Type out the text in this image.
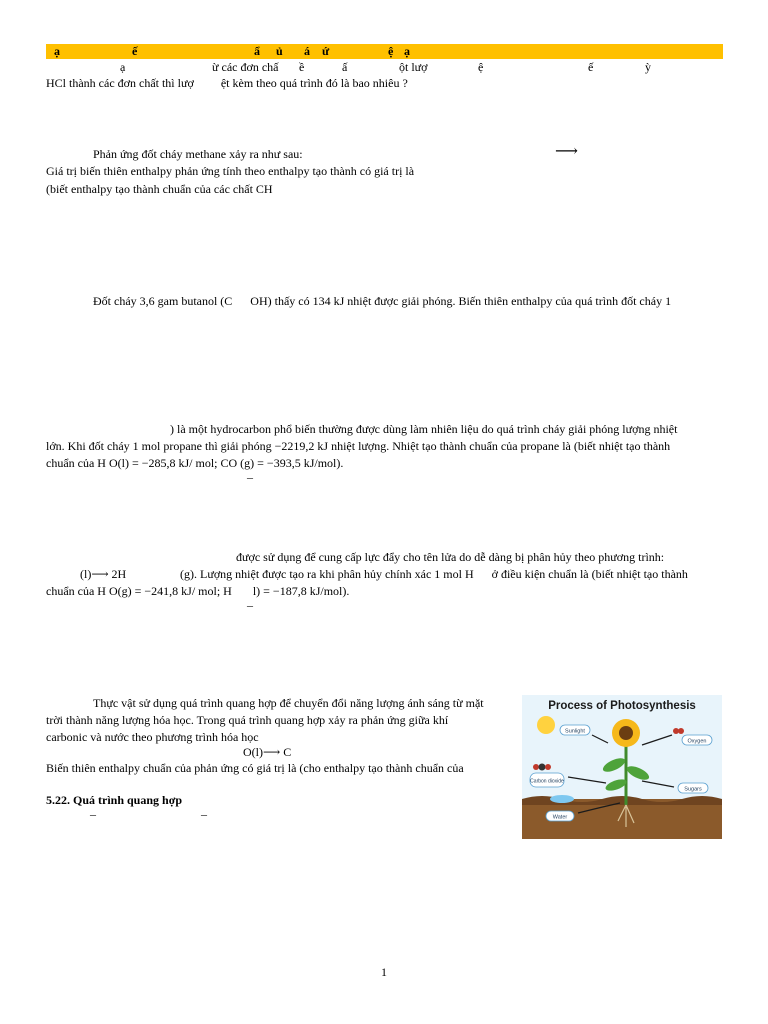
ạ	ế	ẩ ủ á ứ	ệ ạ
ạ	ừ các đơn chấ ề	ấ	ột lượ	ệ	ế	ỳ
HCl thành các đơn chất thì lượ         ệt kèm theo quá trình đó là bao nhiêu ?
Phản ứng đốt cháy methane xảy ra như sau:	⟶
Giá trị biến thiên enthalpy phản ứng tính theo enthalpy tạo thành có giá trị là
(biết enthalpy tạo thành chuẩn của các chất CH
Đốt cháy 3,6 gam butanol (C      OH) thấy có 134 kJ nhiệt được giải phóng. Biến thiên enthalpy của quá trình đốt cháy 1
) là một hydrocarbon phổ biến thường được dùng làm nhiên liệu do quá trình cháy giải phóng lượng nhiệt
lớn. Khi đốt cháy 1 mol propane thì giải phóng −2219,2 kJ nhiệt lượng. Nhiệt tạo thành chuẩn của propane là (biết nhiệt tạo thành
chuẩn của H O(l) = −285,8 kJ/ mol; CO (g) = −393,5 kJ/mol).
–
được sử dụng để cung cấp lực đẩy cho tên lửa do dễ dàng bị phân hủy theo phương trình:
(l)⟶ 2H	(g). Lượng nhiệt được tạo ra khi phân hủy chính xác 1 mol H      ở điều kiện chuẩn là (biết nhiệt tạo thành
chuẩn của H O(g) = −241,8 kJ/ mol; H       l) = −187,8 kJ/mol).
–
Thực vật sử dụng quá trình quang hợp để chuyển đổi năng lượng ánh sáng từ mặt
trời thành năng lượng hóa học. Trong quá trình quang hợp xảy ra phản ứng giữa khí
carbonic và nước theo phương trình hóa học
O(l)⟶ C
Biến thiên enthalpy chuẩn của phản ứng có giá trị là (cho enthalpy tạo thành chuẩn của
5.22. Quá trình quang hợp
–	–
Process of Photosynthesis
Sunlight
Oxygen
Carbon dioxide
Sugars
Water
1
